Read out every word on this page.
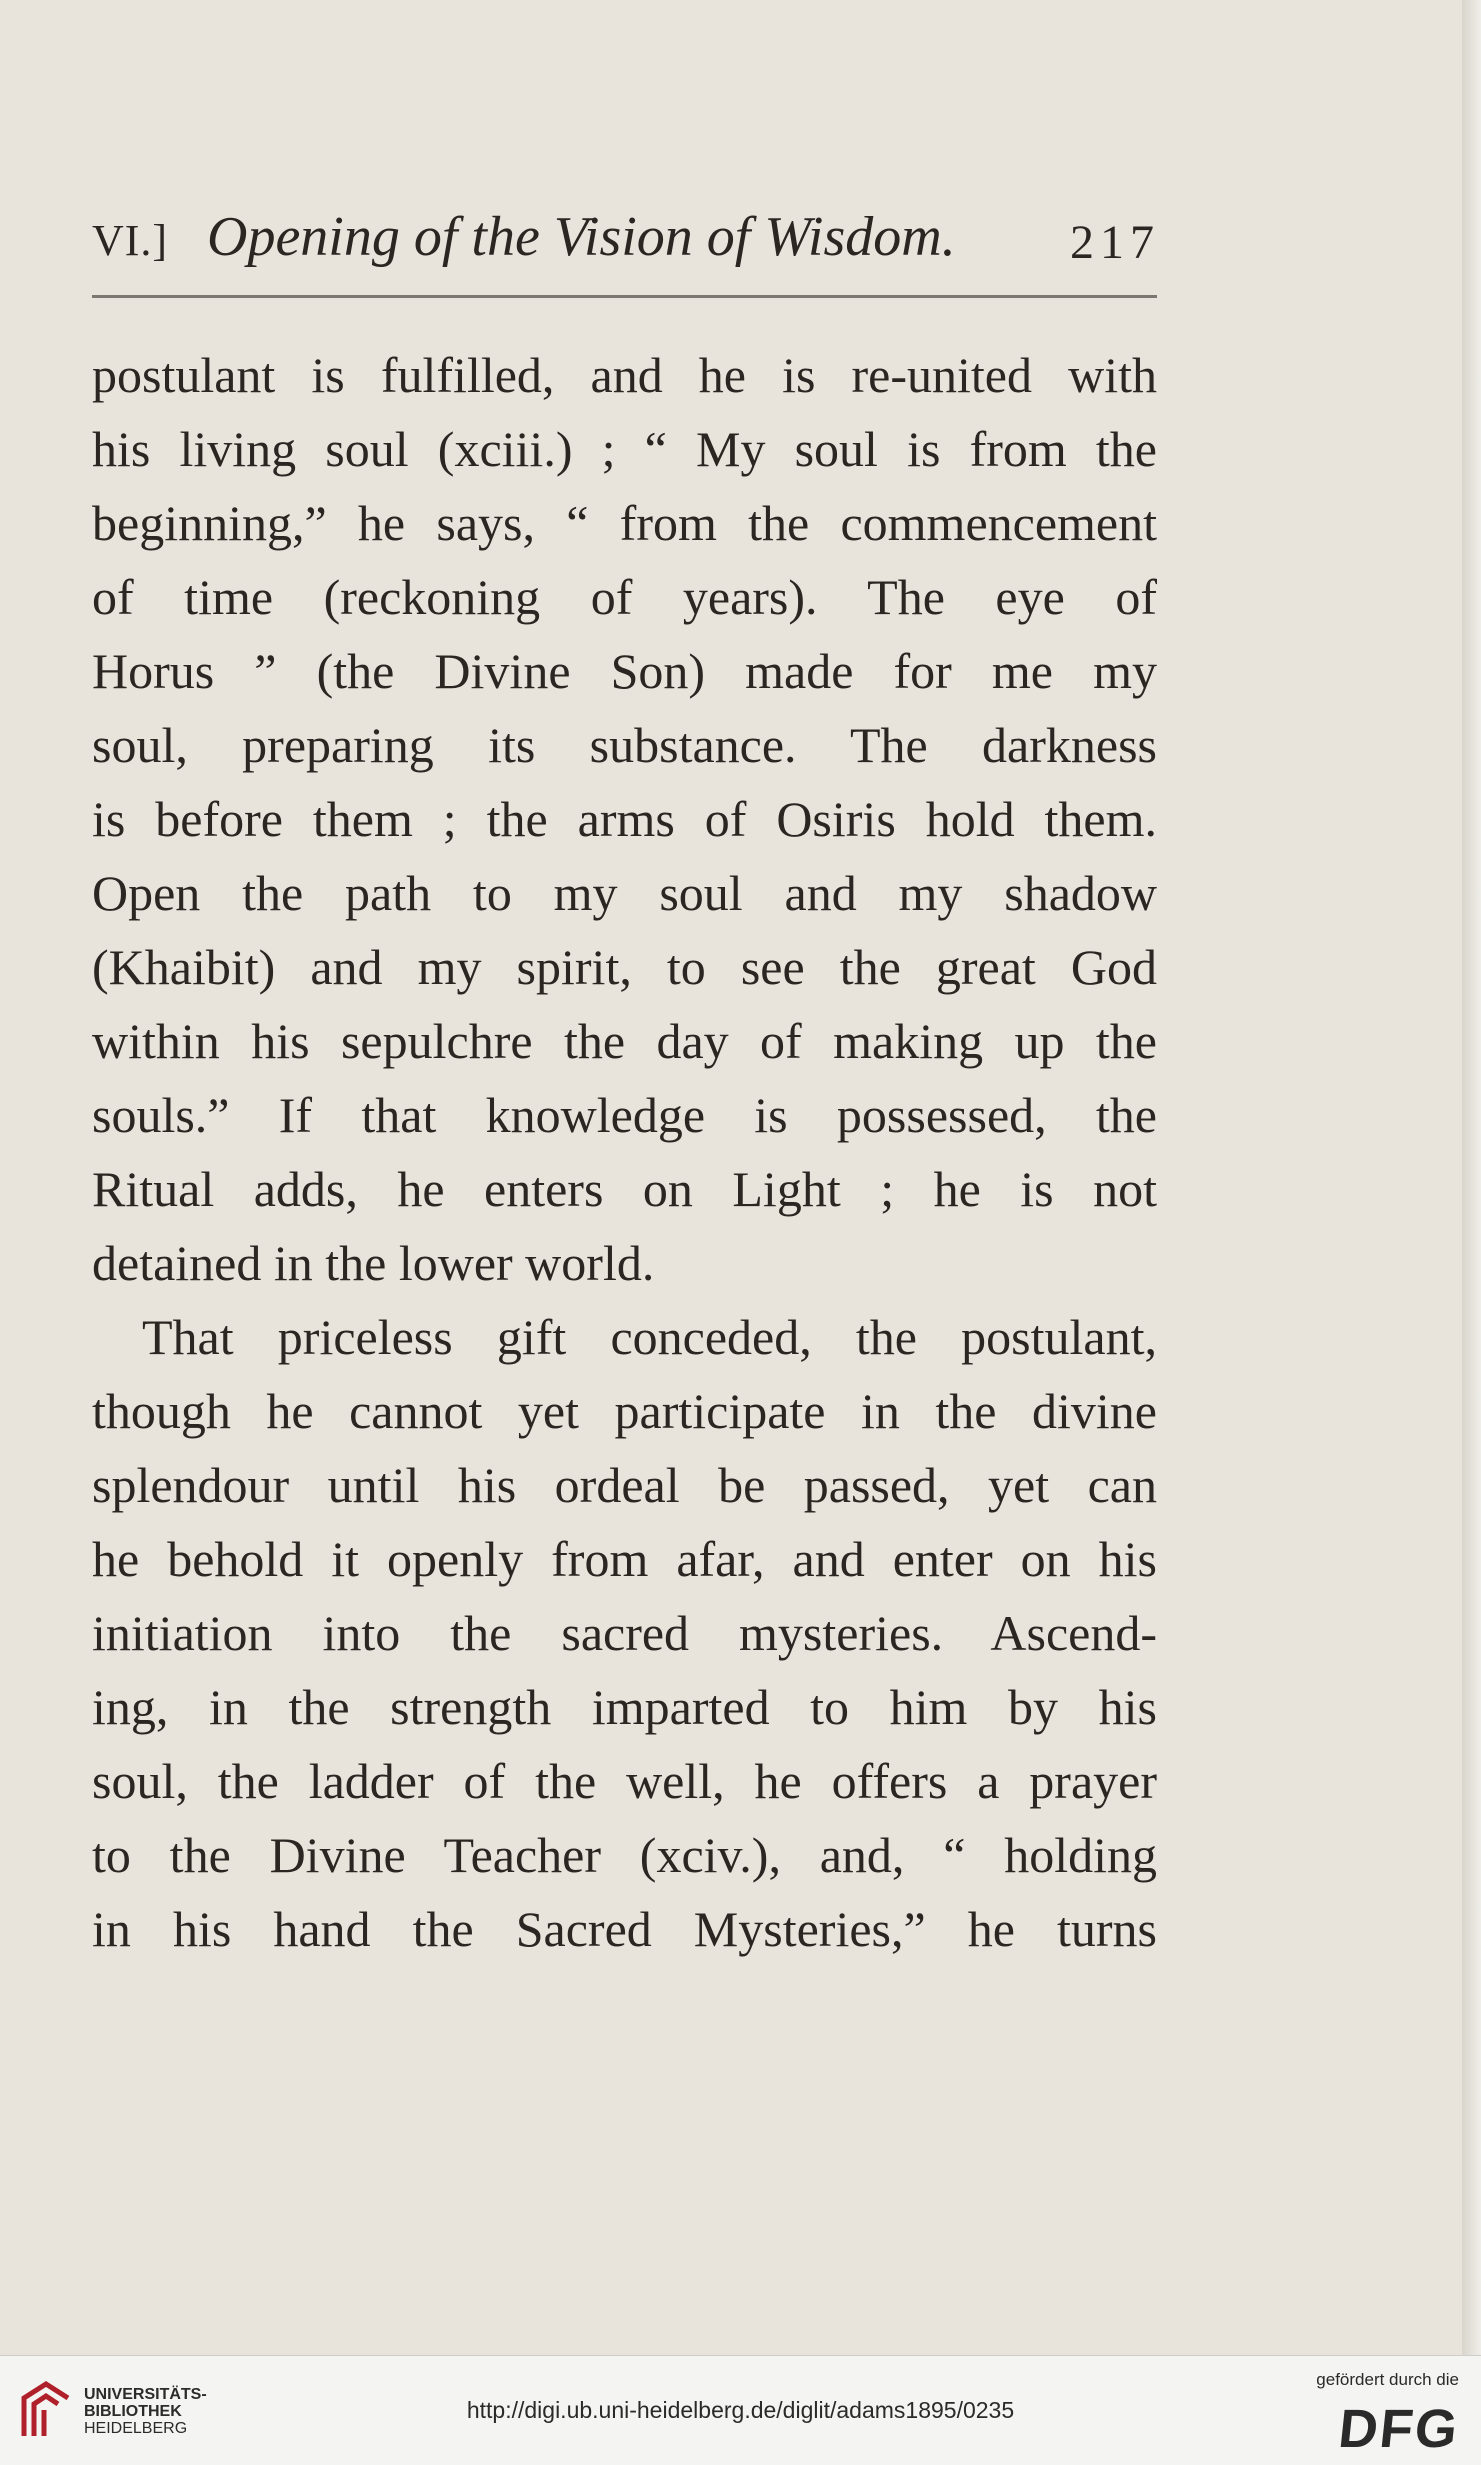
VI.] Opening of the Vision of Wisdom.	217
postulant is fulfilled, and he is re-united with
his living soul (xciii.) ; “ My soul is from the
beginning,” he says, “ from the commencement
of time (reckoning of years). The eye of
Horus ” (the Divine Son) made for me my
soul, preparing its substance. The darkness
is before them ; the arms of Osiris hold them.
Open the path to my soul and my shadow
(Khaibit) and my spirit, to see the great God
within his sepulchre the day of making up the
souls.” If that knowledge is possessed, the
Ritual adds, he enters on Light ; he is not
detained in the lower world.
That priceless gift conceded, the postulant,
though he cannot yet participate in the divine
splendour until his ordeal be passed, yet can
he behold it openly from afar, and enter on his
initiation into the sacred mysteries. Ascend-
ing, in the strength imparted to him by his
soul, the ladder of the well, he offers a prayer
to the Divine Teacher (xciv.), and, “ holding
in his hand the Sacred Mysteries,” he turns
UNIVERSITÄTS-
BIBLIOTHEK
HEIDELBERG
http://digi.ub.uni-heidelberg.de/diglit/adams1895/0235
gefördert durch die
DFG
